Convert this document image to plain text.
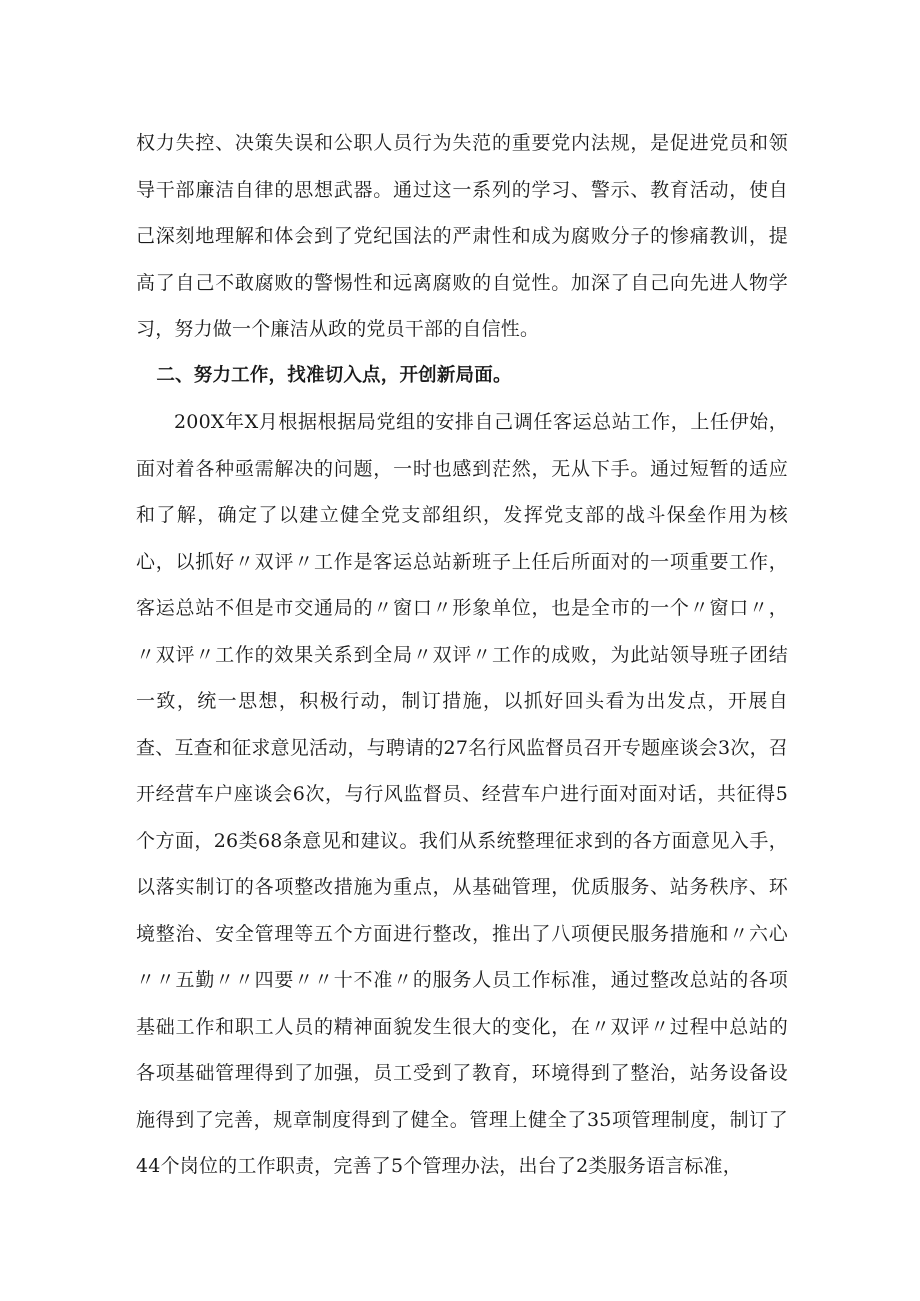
权力失控、决策失误和公职人员行为失范的重要党内法规，是促进党员和领导干部廉洁自律的思想武器。通过这一系列的学习、警示、教育活动，使自己深刻地理解和体会到了党纪国法的严肃性和成为腐败分子的惨痛教训，提高了自己不敢腐败的警惕性和远离腐败的自觉性。加深了自己向先进人物学习，努力做一个廉洁从政的党员干部的自信性。

二、努力工作，找准切入点，开创新局面。

200X年X月根据根据局党组的安排自己调任客运总站工作，上任伊始，面对着各种亟需解决的问题，一时也感到茫然，无从下手。通过短暂的适应和了解，确定了以建立健全党支部组织，发挥党支部的战斗保垒作用为核心，以抓好〃双评〃工作是客运总站新班子上任后所面对的一项重要工作，客运总站不但是市交通局的〃窗口〃形象单位，也是全市的一个〃窗口〃，〃双评〃工作的效果关系到全局〃双评〃工作的成败，为此站领导班子团结一致，统一思想，积极行动，制订措施，以抓好回头看为出发点，开展自查、互查和征求意见活动，与聘请的27名行风监督员召开专题座谈会3次，召开经营车户座谈会6次，与行风监督员、经营车户进行面对面对话，共征得5个方面，26类68条意见和建议。我们从系统整理征求到的各方面意见入手，以落实制订的各项整改措施为重点，从基础管理，优质服务、站务秩序、环境整治、安全管理等五个方面进行整改，推出了八项便民服务措施和〃六心〃〃五勤〃〃四要〃〃十不准〃的服务人员工作标准，通过整改总站的各项基础工作和职工人员的精神面貌发生很大的变化，在〃双评〃过程中总站的各项基础管理得到了加强，员工受到了教育，环境得到了整治，站务设备设施得到了完善，规章制度得到了健全。管理上健全了35项管理制度，制订了44个岗位的工作职责，完善了5个管理办法，出台了2类服务语言标准，
